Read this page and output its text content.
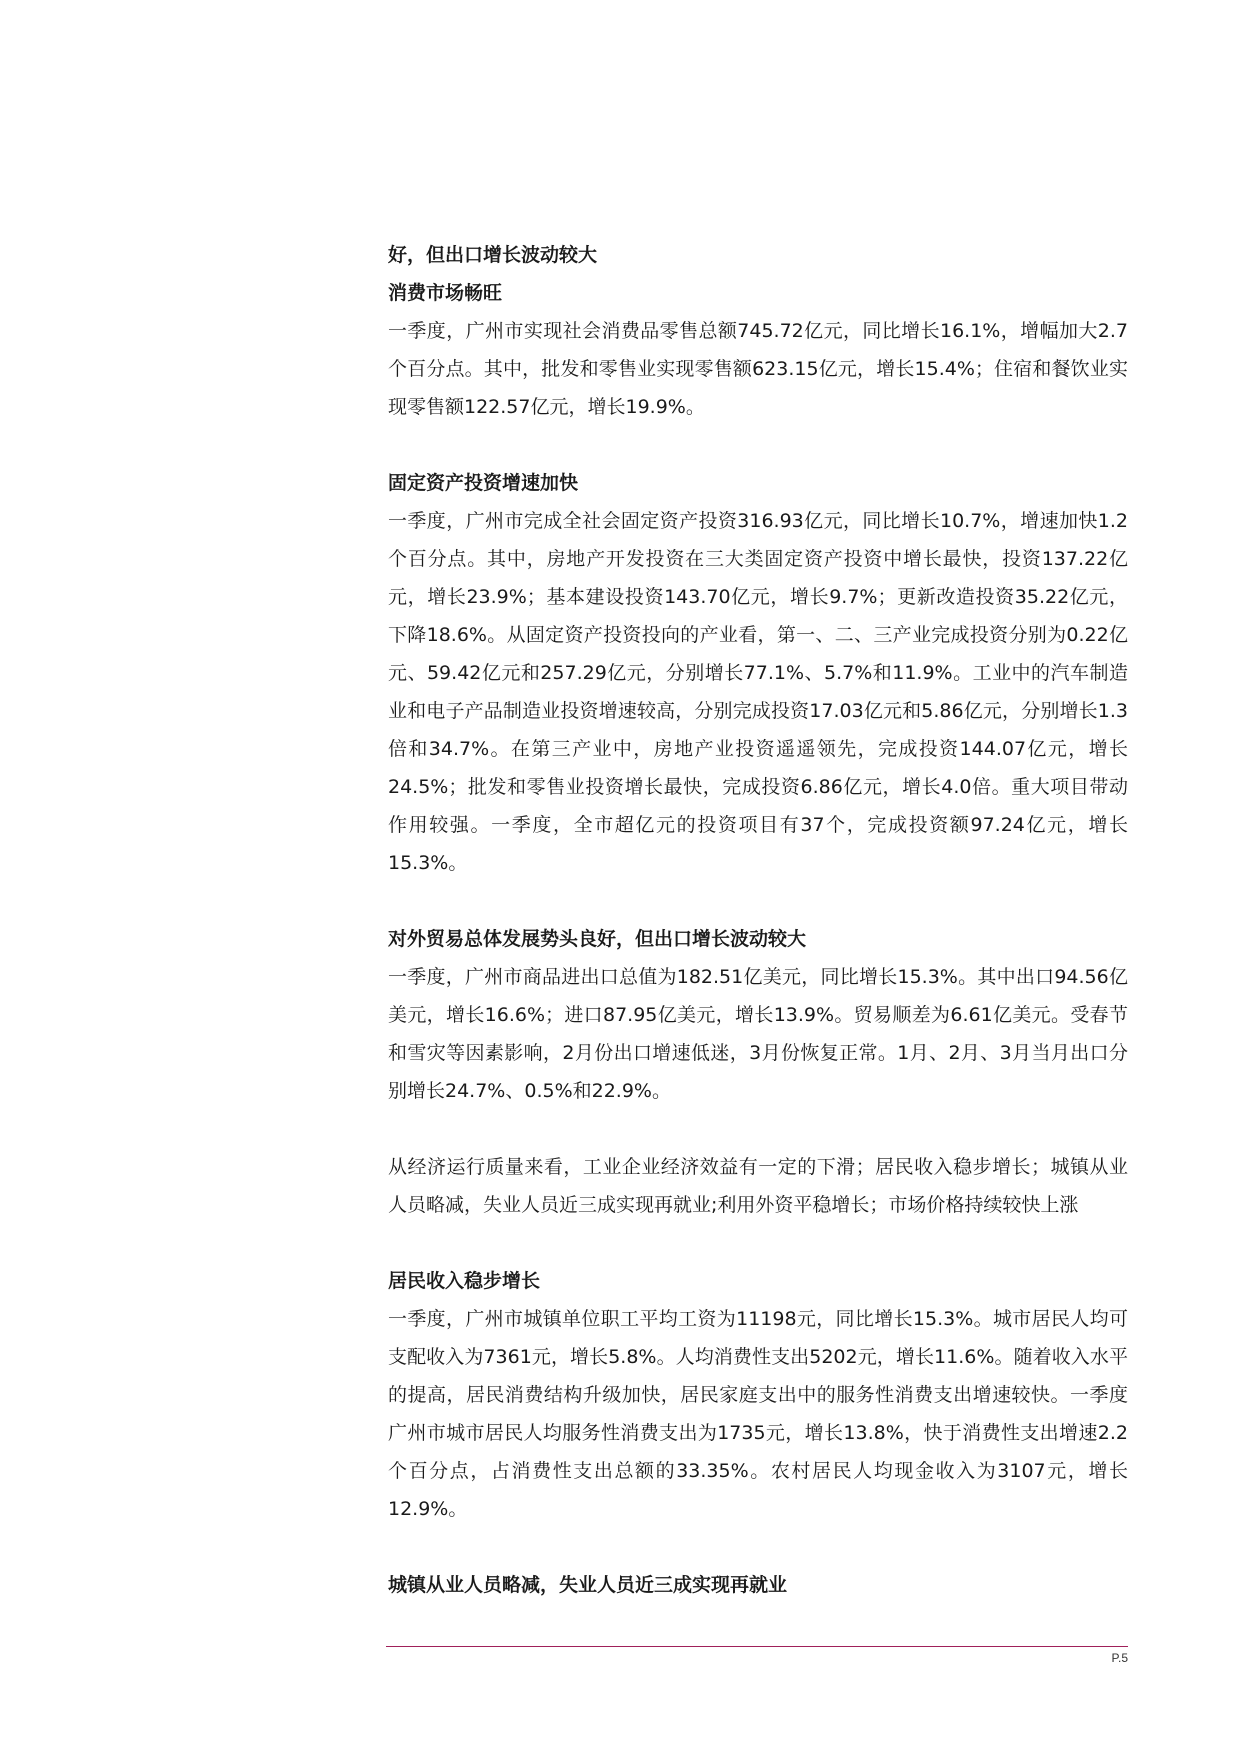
好，但出口增长波动较大

消费市场畅旺

一季度，广州市实现社会消费品零售总额745.72亿元，同比增长16.1%，增幅加大2.7个百分点。其中，批发和零售业实现零售额623.15亿元，增长15.4%；住宿和餐饮业实现零售额122.57亿元，增长19.9%。

固定资产投资增速加快

一季度，广州市完成全社会固定资产投资316.93亿元，同比增长10.7%，增速加快1.2个百分点。其中，房地产开发投资在三大类固定资产投资中增长最快，投资137.22亿元，增长23.9%；基本建设投资143.70亿元，增长9.7%；更新改造投资35.22亿元，下降18.6%。从固定资产投资投向的产业看，第一、二、三产业完成投资分别为0.22亿元、59.42亿元和257.29亿元，分别增长77.1%、5.7%和11.9%。工业中的汽车制造业和电子产品制造业投资增速较高，分别完成投资17.03亿元和5.86亿元，分别增长1.3倍和34.7%。在第三产业中，房地产业投资遥遥领先，完成投资144.07亿元，增长24.5%；批发和零售业投资增长最快，完成投资6.86亿元，增长4.0倍。重大项目带动作用较强。一季度，全市超亿元的投资项目有37个，完成投资额97.24亿元，增长15.3%。

对外贸易总体发展势头良好，但出口增长波动较大

一季度，广州市商品进出口总值为182.51亿美元，同比增长15.3%。其中出口94.56亿美元，增长16.6%；进口87.95亿美元，增长13.9%。贸易顺差为6.61亿美元。受春节和雪灾等因素影响，2月份出口增速低迷，3月份恢复正常。1月、2月、3月当月出口分别增长24.7%、0.5%和22.9%。

从经济运行质量来看，工业企业经济效益有一定的下滑；居民收入稳步增长；城镇从业人员略减，失业人员近三成实现再就业;利用外资平稳增长；市场价格持续较快上涨

居民收入稳步增长

一季度，广州市城镇单位职工平均工资为11198元，同比增长15.3%。城市居民人均可支配收入为7361元，增长5.8%。人均消费性支出5202元，增长11.6%。随着收入水平的提高，居民消费结构升级加快，居民家庭支出中的服务性消费支出增速较快。一季度广州市城市居民人均服务性消费支出为1735元，增长13.8%，快于消费性支出增速2.2个百分点，占消费性支出总额的33.35%。农村居民人均现金收入为3107元，增长12.9%。

城镇从业人员略减，失业人员近三成实现再就业

P.5
